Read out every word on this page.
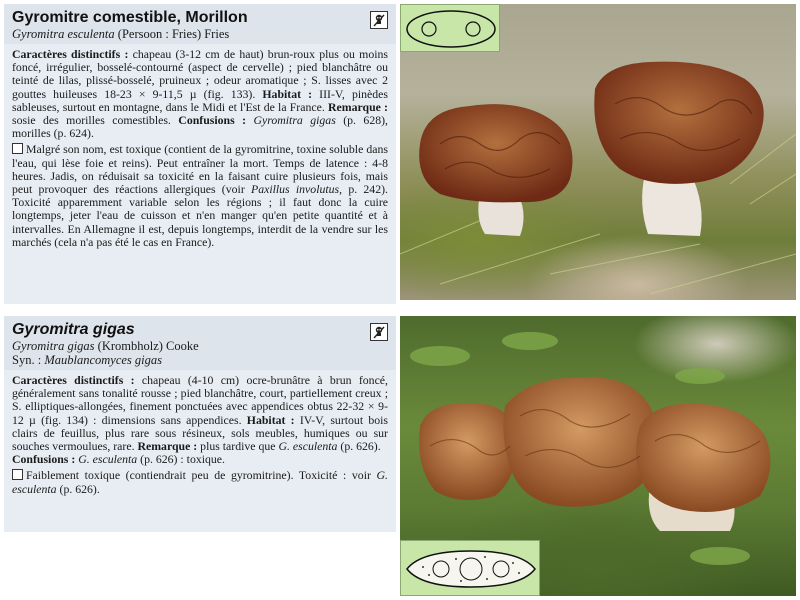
Gyromitre comestible, Morillon
Gyromitra esculenta (Persoon : Fries) Fries

Caractères distinctifs : chapeau (3-12 cm de haut) brun-roux plus ou moins foncé, irrégulier, bosselé-contourné (aspect de cervelle) ; pied blanchâtre ou teinté de lilas, plissé-bosselé, pruineux ; odeur aromatique ; S. lisses avec 2 gouttes huileuses 18-23 × 9-11,5 µ (fig. 133). Habitat : III-V, pinèdes sableuses, surtout en montagne, dans le Midi et l'Est de la France. Remarque : sosie des morilles comestibles. Confusions : Gyromitra gigas (p. 628), morilles (p. 624).

Malgré son nom, est toxique (contient de la gyromitrine, toxine soluble dans l'eau, qui lèse foie et reins). Peut entraîner la mort. Temps de latence : 4-8 heures. Jadis, on réduisait sa toxicité en la faisant cuire plusieurs fois, mais peut provoquer des réactions allergiques (voir Paxillus involutus, p. 242). Toxicité apparemment variable selon les régions ; il faut donc la cuire longtemps, jeter l'eau de cuisson et n'en manger qu'en petite quantité et à intervalles. En Allemagne il est, depuis longtemps, interdit de la vendre sur les marchés (cela n'a pas été le cas en France).

Gyromitra gigas
Gyromitra gigas (Krombholz) Cooke
Syn. : Maublancomyces gigas

Caractères distinctifs : chapeau (4-10 cm) ocre-brunâtre à brun foncé, généralement sans tonalité rousse ; pied blanchâtre, court, partiellement creux ; S. elliptiques-allongées, finement ponctuées avec appendices obtus 22-32 × 9-12 µ (fig. 134) : dimensions sans appendices. Habitat : IV-V, surtout bois clairs de feuillus, plus rare sous résineux, sols meubles, humiques ou sur souches vermoulues, rare. Remarque : plus tardive que G. esculenta (p. 626).
Confusions : G. esculenta (p. 626) : toxique.

Faiblement toxique (contiendrait peu de gyromitrine). Toxicité : voir G. esculenta (p. 626).
